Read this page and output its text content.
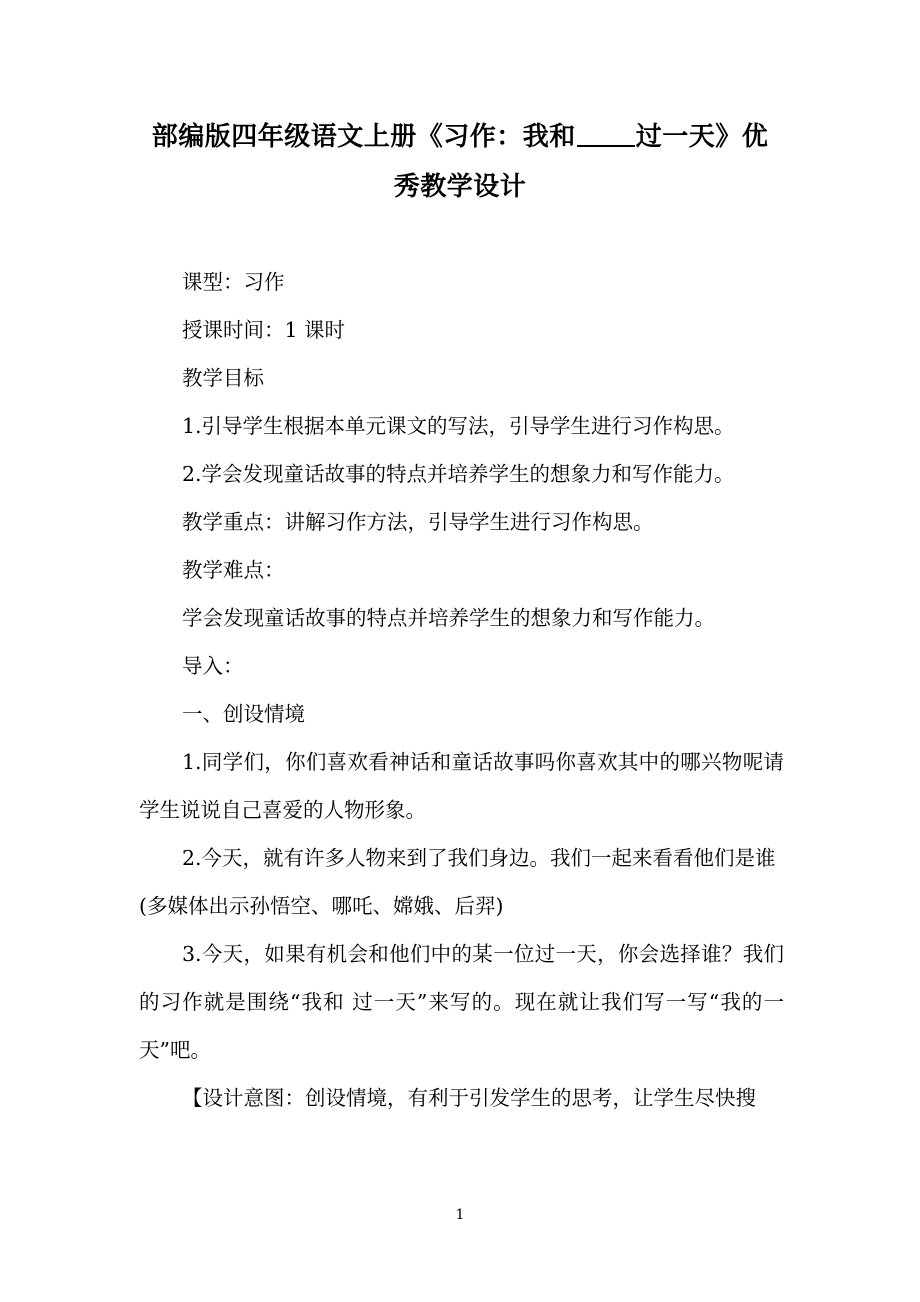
部编版四年级语文上册《习作：我和 过一天》优
秀教学设计

课型：习作

授课时间：1 课时

教学目标

1.引导学生根据本单元课文的写法，引导学生进行习作构思。

2.学会发现童话故事的特点并培养学生的想象力和写作能力。

教学重点：讲解习作方法，引导学生进行习作构思。

教学难点：

学会发现童话故事的特点并培养学生的想象力和写作能力。

导入：

一、创设情境

1.同学们，你们喜欢看神话和童话故事吗你喜欢其中的哪兴物呢请学生说说自己喜爱的人物形象。

2.今天，就有许多人物来到了我们身边。我们一起来看看他们是谁

(多媒体出示孙悟空、哪吒、嫦娥、后羿)

3.今天，如果有机会和他们中的某一位过一天，你会选择谁？我们的习作就是围绕“我和 过一天”来写的。现在就让我们写一写“我的一天”吧。

【设计意图：创设情境，有利于引发学生的思考，让学生尽快搜

1
